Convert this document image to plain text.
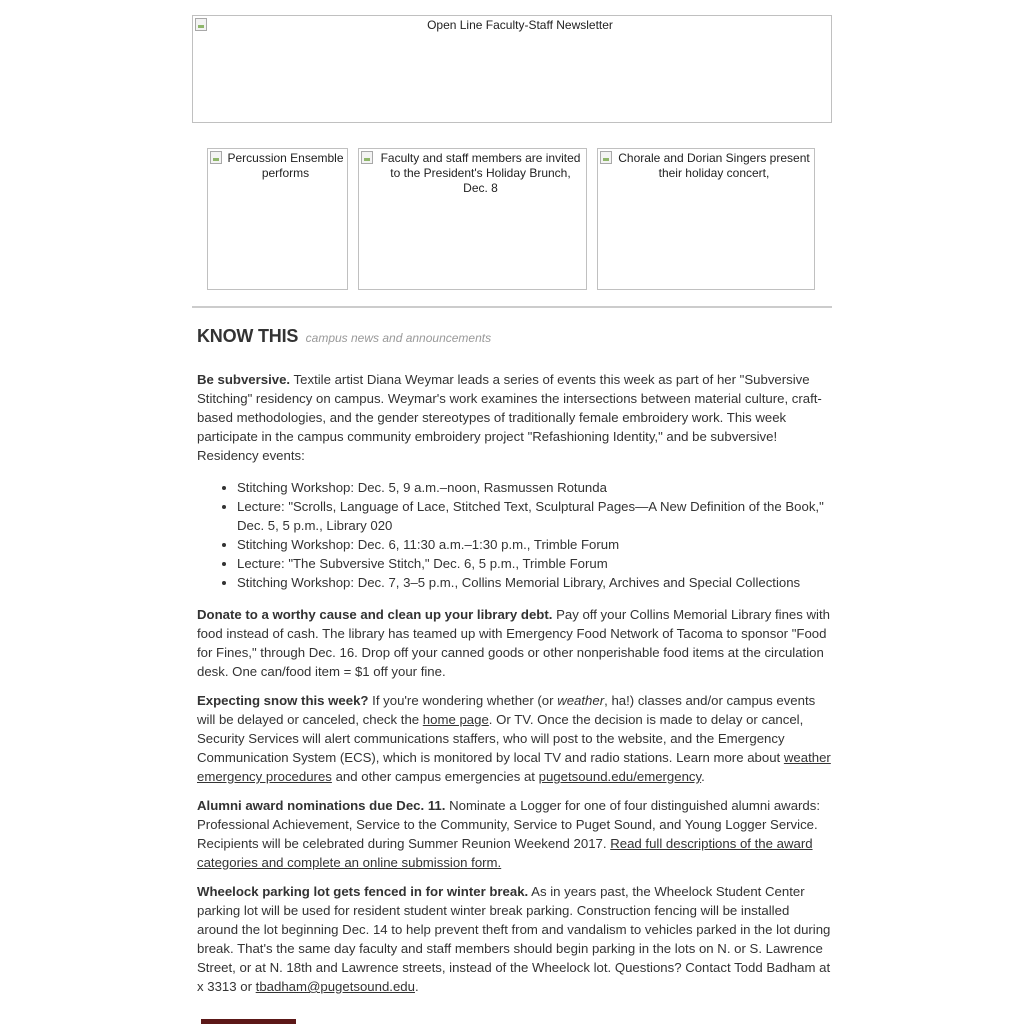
Open Line Faculty-Staff Newsletter
Percussion Ensemble performs
Faculty and staff members are invited to the President's Holiday Brunch, Dec. 8
Chorale and Dorian Singers present their holiday concert,
KNOW THIS campus news and announcements

Be subversive. Textile artist Diana Weymar leads a series of events this week as part of her "Subversive Stitching" residency on campus. Weymar's work examines the intersections between material culture, craft-based methodologies, and the gender stereotypes of traditionally female embroidery work. This week participate in the campus community embroidery project "Refashioning Identity," and be subversive! Residency events:

• Stitching Workshop: Dec. 5, 9 a.m.–noon, Rasmussen Rotunda
• Lecture: "Scrolls, Language of Lace, Stitched Text, Sculptural Pages—A New Definition of the Book," Dec. 5, 5 p.m., Library 020
• Stitching Workshop: Dec. 6, 11:30 a.m.–1:30 p.m., Trimble Forum
• Lecture: "The Subversive Stitch," Dec. 6, 5 p.m., Trimble Forum
• Stitching Workshop: Dec. 7, 3–5 p.m., Collins Memorial Library, Archives and Special Collections

Donate to a worthy cause and clean up your library debt. Pay off your Collins Memorial Library fines with food instead of cash. The library has teamed up with Emergency Food Network of Tacoma to sponsor "Food for Fines," through Dec. 16. Drop off your canned goods or other nonperishable food items at the circulation desk. One can/food item = $1 off your fine.

Expecting snow this week? If you're wondering whether (or weather, ha!) classes and/or campus events will be delayed or canceled, check the home page. Or TV. Once the decision is made to delay or cancel, Security Services will alert communications staffers, who will post to the website, and the Emergency Communication System (ECS), which is monitored by local TV and radio stations. Learn more about weather emergency procedures and other campus emergencies at pugetsound.edu/emergency.

Alumni award nominations due Dec. 11. Nominate a Logger for one of four distinguished alumni awards: Professional Achievement, Service to the Community, Service to Puget Sound, and Young Logger Service. Recipients will be celebrated during Summer Reunion Weekend 2017. Read full descriptions of the award categories and complete an online submission form.

Wheelock parking lot gets fenced in for winter break. As in years past, the Wheelock Student Center parking lot will be used for resident student winter break parking. Construction fencing will be installed around the lot beginning Dec. 14 to help prevent theft from and vandalism to vehicles parked in the lot during break. That's the same day faculty and staff members should begin parking in the lots on N. or S. Lawrence Street, or at N. 18th and Lawrence streets, instead of the Wheelock lot. Questions? Contact Todd Badham at x 3313 or tbadham@pugetsound.edu.
